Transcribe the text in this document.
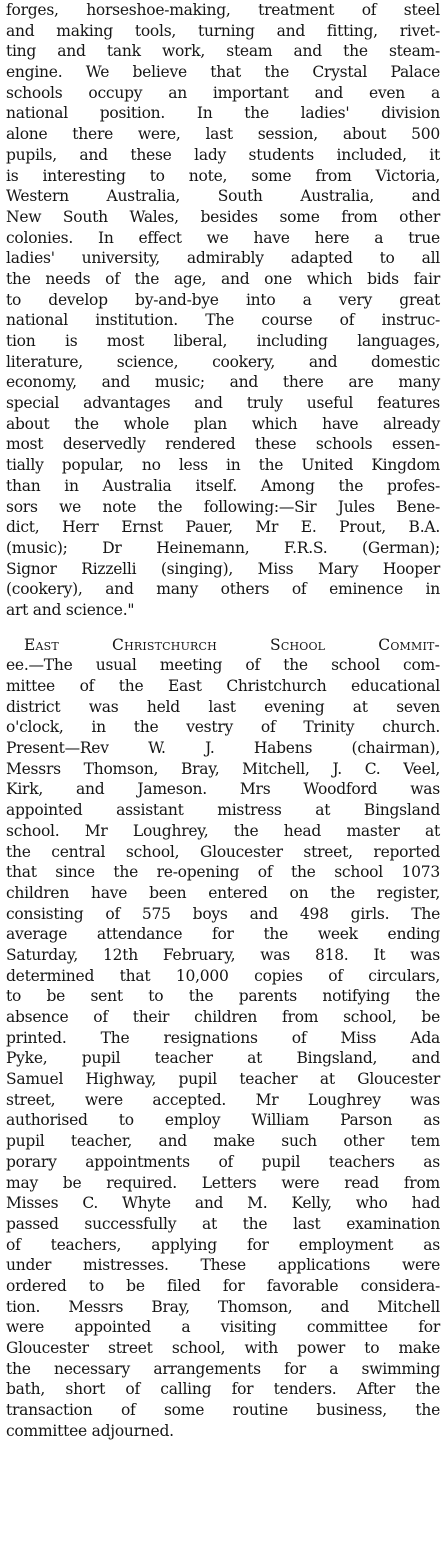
forges, horseshoe-making, treatment of steel
and making tools, turning and fitting, rivet-
ting and tank work, steam and the steam-
engine. We believe that the Crystal Palace
schools occupy an important and even a
national position. In the ladies' division
alone there were, last session, about 500
pupils, and these lady students included, it
is interesting to note, some from Victoria,
Western Australia, South Australia, and
New South Wales, besides some from other
colonies. In effect we have here a true
ladies' university, admirably adapted to all
the needs of the age, and one which bids fair
to develop by-and-bye into a very great
national institution. The course of instruc-
tion is most liberal, including languages,
literature, science, cookery, and domestic
economy, and music; and there are many
special advantages and truly useful features
about the whole plan which have already
most deservedly rendered these schools essen-
tially popular, no less in the United Kingdom
than in Australia itself. Among the profes-
sors we note the following:—Sir Jules Bene-
dict, Herr Ernst Pauer, Mr E. Prout, B.A.
(music); Dr Heinemann, F.R.S. (German);
Signor Rizzelli (singing), Miss Mary Hooper
(cookery), and many others of eminence in
art and science."
East Christchurch School Commit-
ee.—The usual meeting of the school com-
mittee of the East Christchurch educational
district was held last evening at seven
o'clock, in the vestry of Trinity church.
Present—Rev W. J. Habens (chairman),
Messrs Thomson, Bray, Mitchell, J. C. Veel,
Kirk, and Jameson. Mrs Woodford was
appointed assistant mistress at Bingsland
school. Mr Loughrey, the head master at
the central school, Gloucester street, reported
that since the re-opening of the school 1073
children have been entered on the register,
consisting of 575 boys and 498 girls. The
average attendance for the week ending
Saturday, 12th February, was 818. It was
determined that 10,000 copies of circulars,
to be sent to the parents notifying the
absence of their children from school, be
printed. The resignations of Miss Ada
Pyke, pupil teacher at Bingsland, and
Samuel Highway, pupil teacher at Gloucester
street, were accepted. Mr Loughrey was
authorised to employ William Parson as
pupil teacher, and make such other tem
porary appointments of pupil teachers as
may be required. Letters were read from
Misses C. Whyte and M. Kelly, who had
passed successfully at the last examination
of teachers, applying for employment as
under mistresses. These applications were
ordered to be filed for favorable considera-
tion. Messrs Bray, Thomson, and Mitchell
were appointed a visiting committee for
Gloucester street school, with power to make
the necessary arrangements for a swimming
bath, short of calling for tenders. After the
transaction of some routine business, the
committee adjourned.
